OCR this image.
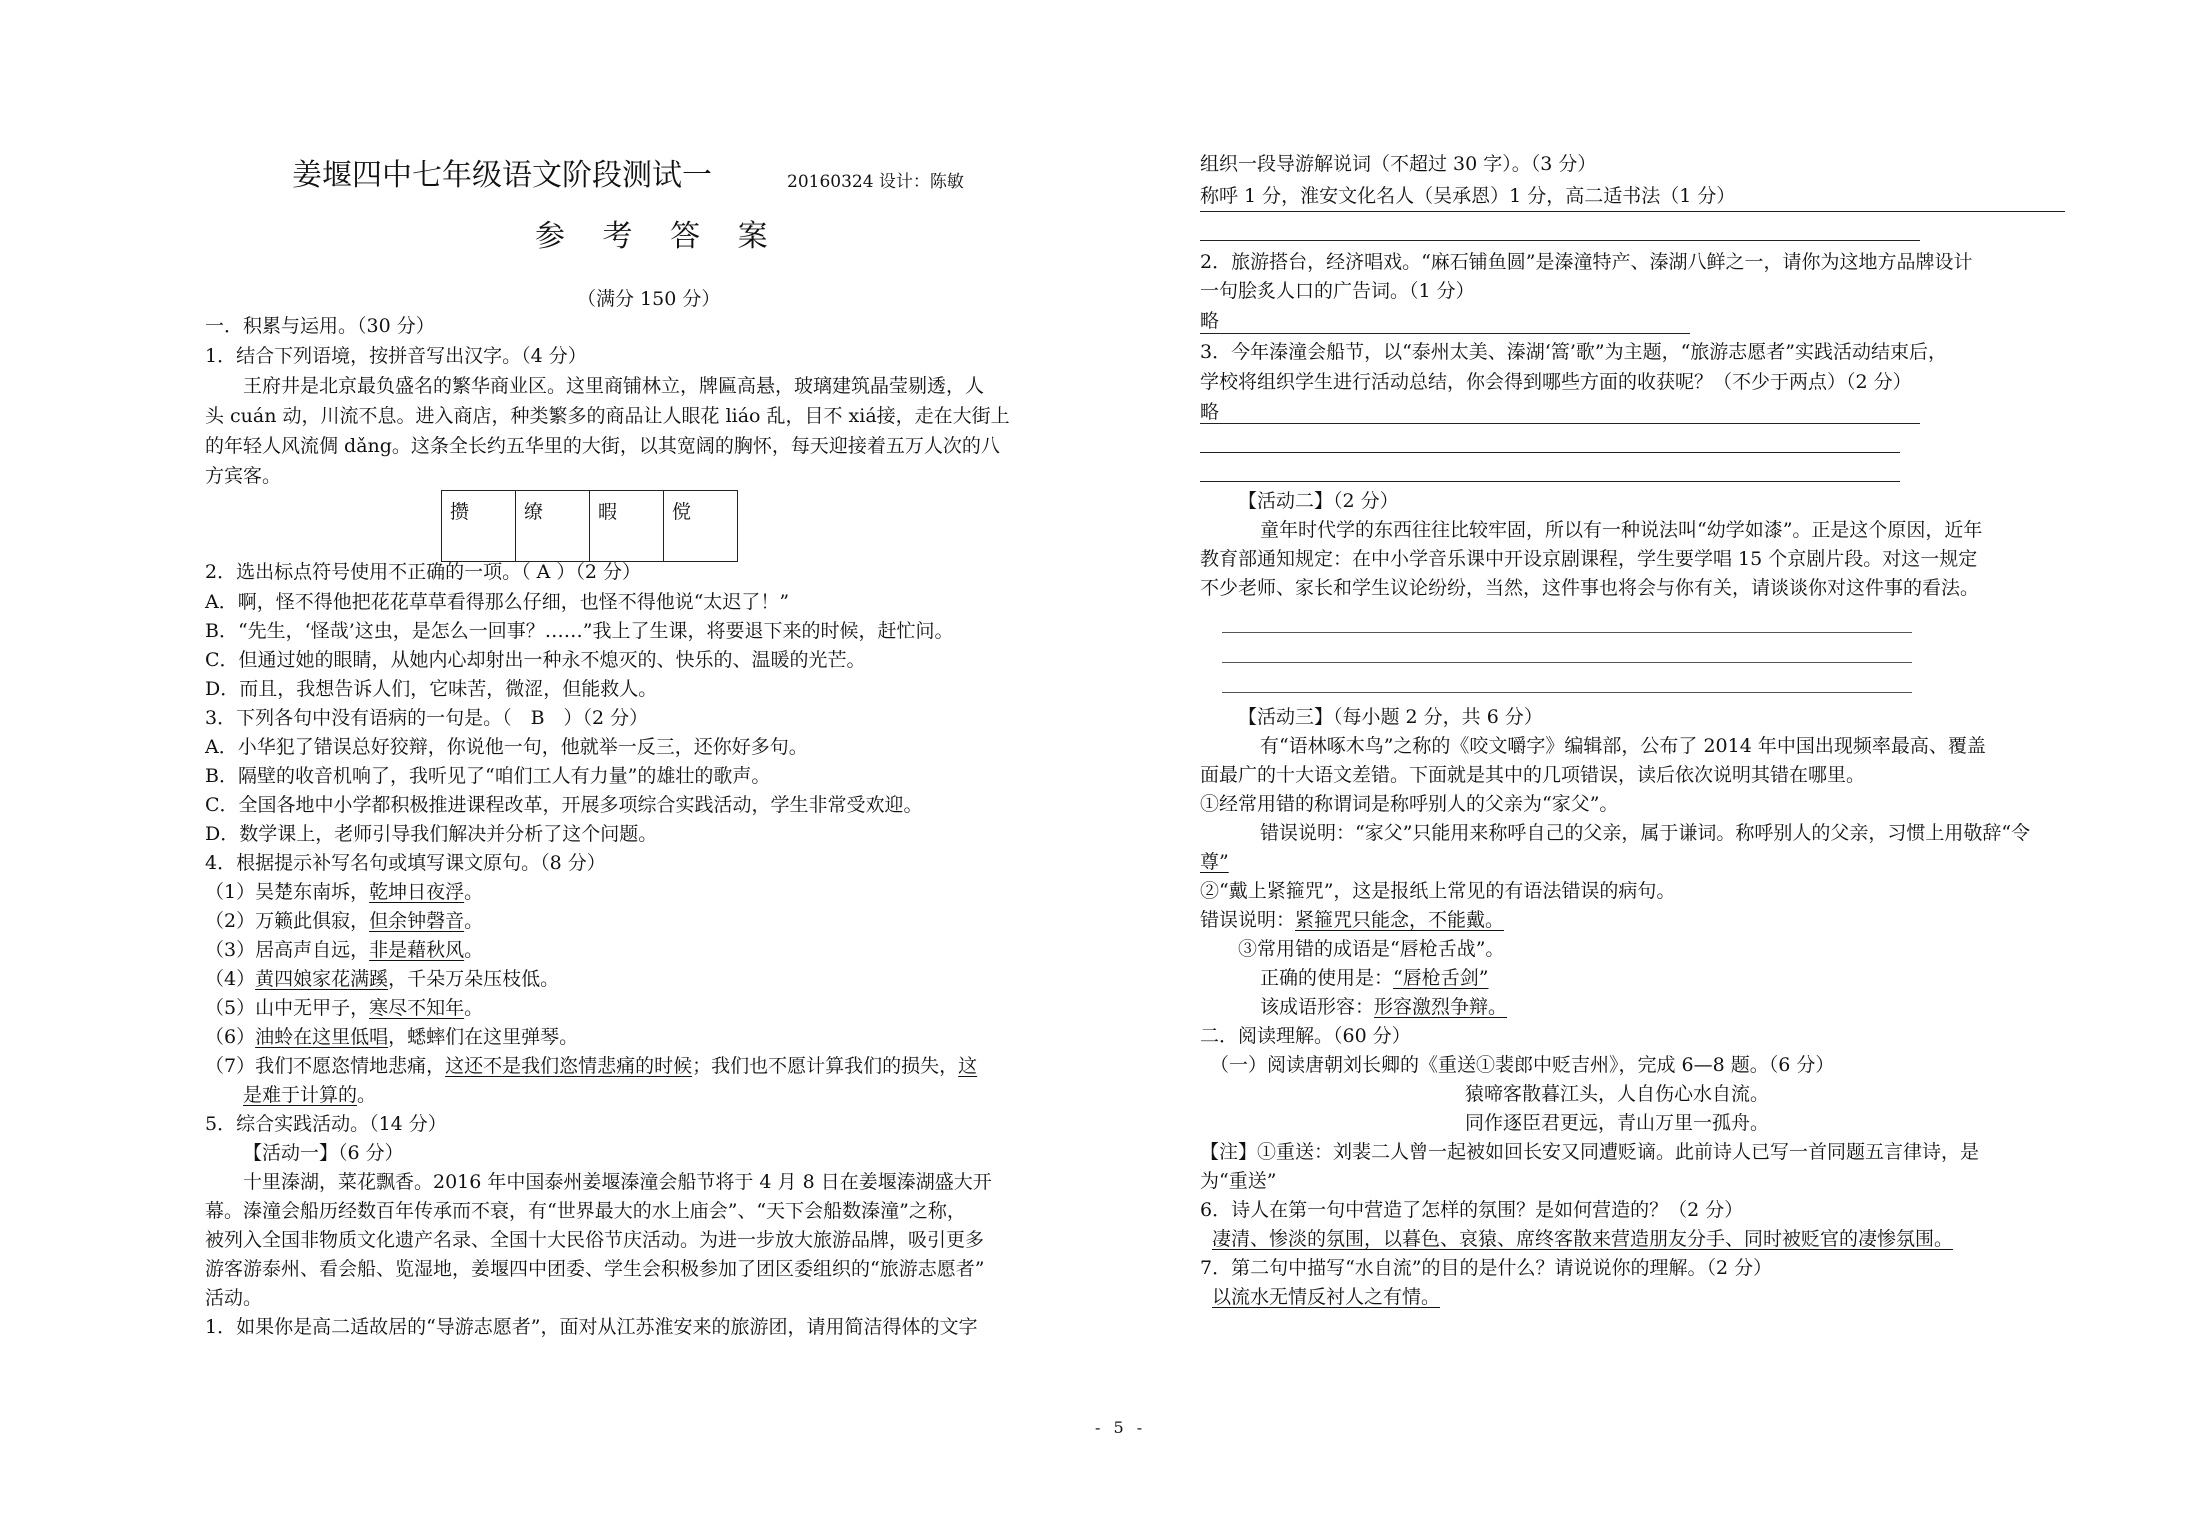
姜堰四中七年级语文阶段测试一	20160324 设计：陈敏
参 考 答 案
（满分 150 分）
一．积累与运用。（30 分）
1．结合下列语境，按拼音写出汉字。（4 分）
王府井是北京最负盛名的繁华商业区。这里商铺林立，牌匾高悬，玻璃建筑晶莹剔透，人
头 cuán 动，川流不息。进入商店，种类繁多的商品让人眼花 liáo 乱，目不 xiá接，走在大街上
的年轻人风流倜 dǎng。这条全长约五华里的大街，以其宽阔的胸怀，每天迎接着五万人次的八
方宾客。
攒	缭	暇	傥
2．选出标点符号使用不正确的一项。（ A ）（2 分）
A．啊，怪不得他把花花草草看得那么仔细，也怪不得他说“太迟了！”
B．“先生，‘怪哉’这虫，是怎么一回事？……”我上了生课，将要退下来的时候，赶忙问。
C．但通过她的眼睛，从她内心却射出一种永不熄灭的、快乐的、温暖的光芒。
D．而且，我想告诉人们，它味苦，微涩，但能救人。
3．下列各句中没有语病的一句是。（　B　）（2 分）
A．小华犯了错误总好狡辩，你说他一句，他就举一反三，还你好多句。
B．隔壁的收音机响了，我听见了“咱们工人有力量”的雄壮的歌声。
C．全国各地中小学都积极推进课程改革，开展多项综合实践活动，学生非常受欢迎。
D．数学课上，老师引导我们解决并分析了这个问题。
4．根据提示补写名句或填写课文原句。（8 分）
（1）吴楚东南坼，乾坤日夜浮。
（2）万籁此俱寂，但余钟磬音。
（3）居高声自远，非是藉秋风。
（4）黄四娘家花满蹊，千朵万朵压枝低。
（5）山中无甲子，寒尽不知年。
（6）油蛉在这里低唱，蟋蟀们在这里弹琴。
（7）我们不愿恣情地悲痛，这还不是我们恣情悲痛的时候；我们也不愿计算我们的损失，这
是难于计算的。
5．综合实践活动。（14 分）
【活动一】（6 分）
十里溱湖，菜花飘香。2016 年中国泰州姜堰溱潼会船节将于 4 月 8 日在姜堰溱湖盛大开
幕。溱潼会船历经数百年传承而不衰，有“世界最大的水上庙会”、“天下会船数溱潼”之称，
被列入全国非物质文化遗产名录、全国十大民俗节庆活动。为进一步放大旅游品牌，吸引更多
游客游泰州、看会船、览湿地，姜堰四中团委、学生会积极参加了团区委组织的“旅游志愿者”
活动。
1．如果你是高二适故居的“导游志愿者”，面对从江苏淮安来的旅游团，请用简洁得体的文字
组织一段导游解说词（不超过 30 字）。（3 分）
称呼 1 分，淮安文化名人（吴承恩）1 分，高二适书法（1 分）
2．旅游搭台，经济唱戏。“麻石铺鱼圆”是溱潼特产、溱湖八鲜之一，请你为这地方品牌设计
一句脍炙人口的广告词。（1 分）
略
3．今年溱潼会船节，以“泰州太美、溱湖‘篙’歌”为主题，“旅游志愿者”实践活动结束后，
学校将组织学生进行活动总结，你会得到哪些方面的收获呢？（不少于两点）（2 分）
略
【活动二】（2 分）
童年时代学的东西往往比较牢固，所以有一种说法叫“幼学如漆”。正是这个原因，近年
教育部通知规定：在中小学音乐课中开设京剧课程，学生要学唱 15 个京剧片段。对这一规定
不少老师、家长和学生议论纷纷，当然，这件事也将会与你有关，请谈谈你对这件事的看法。
【活动三】（每小题 2 分，共 6 分）
有“语林啄木鸟”之称的《咬文嚼字》编辑部，公布了 2014 年中国出现频率最高、覆盖
面最广的十大语文差错。下面就是其中的几项错误，读后依次说明其错在哪里。
①经常用错的称谓词是称呼别人的父亲为“家父”。
错误说明：“家父”只能用来称呼自己的父亲，属于谦词。称呼别人的父亲，习惯上用敬辞“令
尊”
②“戴上紧箍咒”，这是报纸上常见的有语法错误的病句。
错误说明：紧箍咒只能念，不能戴。
③常用错的成语是“唇枪舌战”。
正确的使用是：“唇枪舌剑”
该成语形容：形容激烈争辩。
二．阅读理解。（60 分）
（一）阅读唐朝刘长卿的《重送①裴郎中贬吉州》，完成 6—8 题。（6 分）
猿啼客散暮江头，人自伤心水自流。
同作逐臣君更远，青山万里一孤舟。
【注】①重送：刘裴二人曾一起被如回长安又同遭贬谪。此前诗人已写一首同题五言律诗，是
为“重送”
6．诗人在第一句中营造了怎样的氛围？是如何营造的？（2 分）
凄清、惨淡的氛围，以暮色、哀猿、席终客散来营造朋友分手、同时被贬官的凄惨氛围。
7．第二句中描写“水自流”的目的是什么？请说说你的理解。（2 分）
以流水无情反衬人之有情。
- 5 -
